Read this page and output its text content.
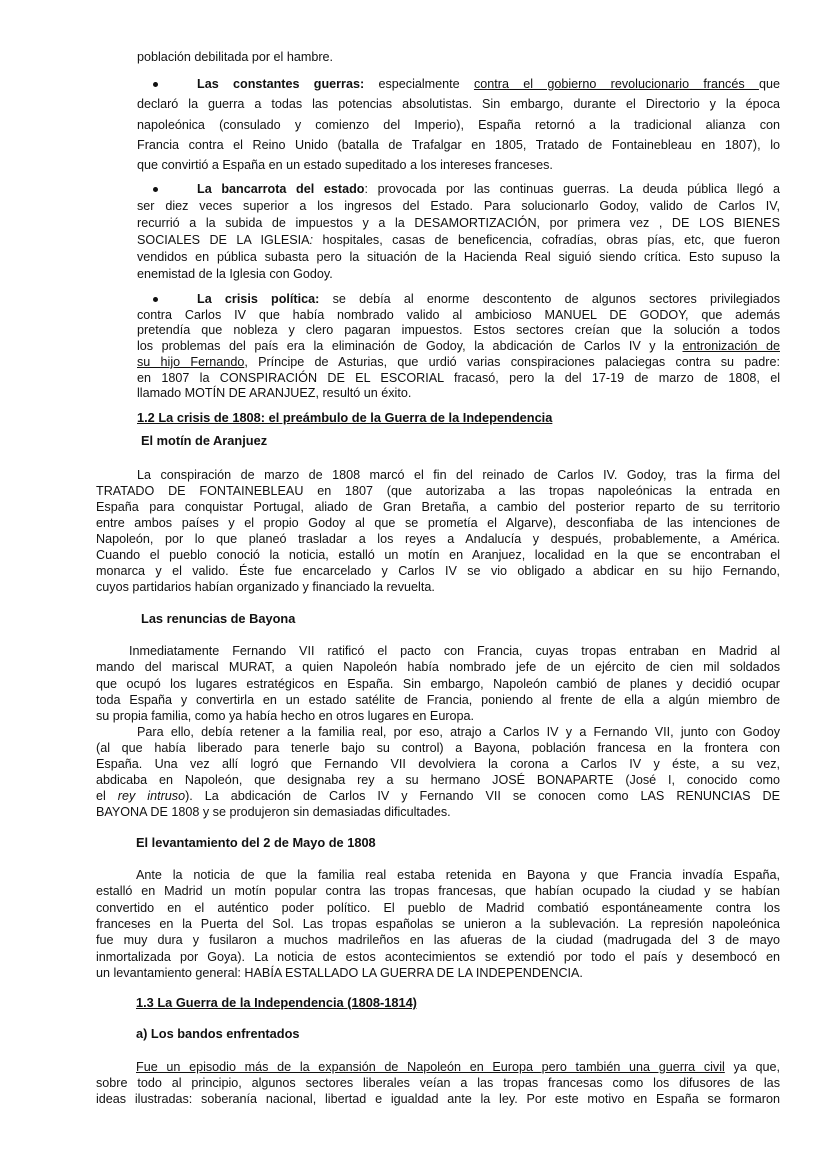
población debilitada por el hambre.
Las constantes guerras: especialmente contra el gobierno revolucionario francés que
declaró la guerra a todas las potencias absolutistas. Sin embargo, durante el Directorio y la época
napoleónica (consulado y comienzo del Imperio), España retornó a la tradicional alianza con
Francia contra el Reino Unido (batalla de Trafalgar en 1805, Tratado de Fontainebleau en 1807), lo
que convirtió a España en un estado supeditado a los intereses franceses.
La bancarrota del estado: provocada por las continuas guerras. La deuda pública llegó a
ser diez veces superior a los ingresos del Estado. Para solucionarlo Godoy, valido de Carlos IV,
recurrió a la subida de impuestos y a la DESAMORTIZACIÓN, por primera vez , DE LOS BIENES
SOCIALES DE LA IGLESIA: hospitales, casas de beneficencia, cofradías, obras pías, etc, que fueron
vendidos en pública subasta pero la situación de la Hacienda Real siguió siendo crítica. Esto supuso la
enemistad de la Iglesia con Godoy.
La crisis política: se debía al enorme descontento de algunos sectores privilegiados
contra Carlos IV que había nombrado valido al ambicioso MANUEL DE GODOY, que además
pretendía que nobleza y clero pagaran impuestos. Estos sectores creían que la solución a todos
los problemas del país era la eliminación de Godoy, la abdicación de Carlos IV y la entronización de
su hijo Fernando, Príncipe de Asturias, que urdió varias conspiraciones palaciegas contra su padre:
en 1807 la CONSPIRACIÓN DE EL ESCORIAL fracasó, pero la del 17-19 de marzo de 1808, el
llamado MOTÍN DE ARANJUEZ, resultó un éxito.
1.2 La crisis de 1808: el preámbulo de la Guerra de la Independencia
El motín de Aranjuez
La conspiración de marzo de 1808 marcó el fin del reinado de Carlos IV. Godoy, tras la firma del
TRATADO DE FONTAINEBLEAU en 1807 (que autorizaba a las tropas napoleónicas la entrada en
España para conquistar Portugal, aliado de Gran Bretaña, a cambio del posterior reparto de su territorio
entre ambos países y el propio Godoy al que se prometía el Algarve), desconfiaba de las intenciones de
Napoleón, por lo que planeó trasladar a los reyes a Andalucía y después, probablemente, a América.
Cuando el pueblo conoció la noticia, estalló un motín en Aranjuez, localidad en la que se encontraban el
monarca y el valido. Éste fue encarcelado y Carlos IV se vio obligado a abdicar en su hijo Fernando,
cuyos partidarios habían organizado y financiado la revuelta.
Las renuncias de Bayona
Inmediatamente Fernando VII ratificó el pacto con Francia, cuyas tropas entraban en Madrid al
mando del mariscal MURAT, a quien Napoleón había nombrado jefe de un ejército de cien mil soldados
que ocupó los lugares estratégicos en España. Sin embargo, Napoleón cambió de planes y decidió ocupar
toda España y convertirla en un estado satélite de Francia, poniendo al frente de ella a algún miembro de
su propia familia, como ya había hecho en otros lugares en Europa.
Para ello, debía retener a la familia real, por eso, atrajo a Carlos IV y a Fernando VII, junto con Godoy
(al que había liberado para tenerle bajo su control) a Bayona, población francesa en la frontera con
España. Una vez allí logró que Fernando VII devolviera la corona a Carlos IV y éste, a su vez,
abdicaba en Napoleón, que designaba rey a su hermano JOSÉ BONAPARTE (José I, conocido como
el rey intruso). La abdicación de Carlos IV y Fernando VII se conocen como LAS RENUNCIAS DE
BAYONA DE 1808 y se produjeron sin demasiadas dificultades.
El levantamiento del 2 de Mayo de 1808
Ante la noticia de que la familia real estaba retenida en Bayona y que Francia invadía España,
estalló en Madrid un motín popular contra las tropas francesas, que habían ocupado la ciudad y se habían
convertido en el auténtico poder político. El pueblo de Madrid combatió espontáneamente contra los
franceses en la Puerta del Sol. Las tropas españolas se unieron a la sublevación. La represión napoleónica
fue muy dura y fusilaron a muchos madrileños en las afueras de la ciudad (madrugada del 3 de mayo
inmortalizada por Goya). La noticia de estos acontecimientos se extendió por todo el país y desembocó en
un levantamiento general: HABÍA ESTALLADO LA GUERRA DE LA INDEPENDENCIA.
1.3 La Guerra de la Independencia (1808-1814)
a) Los bandos enfrentados
Fue un episodio más de la expansión de Napoleón en Europa pero también una guerra civil ya que,
sobre todo al principio, algunos sectores liberales veían a las tropas francesas como los difusores de las
ideas ilustradas: soberanía nacional, libertad e igualdad ante la ley. Por este motivo en España se formaron
